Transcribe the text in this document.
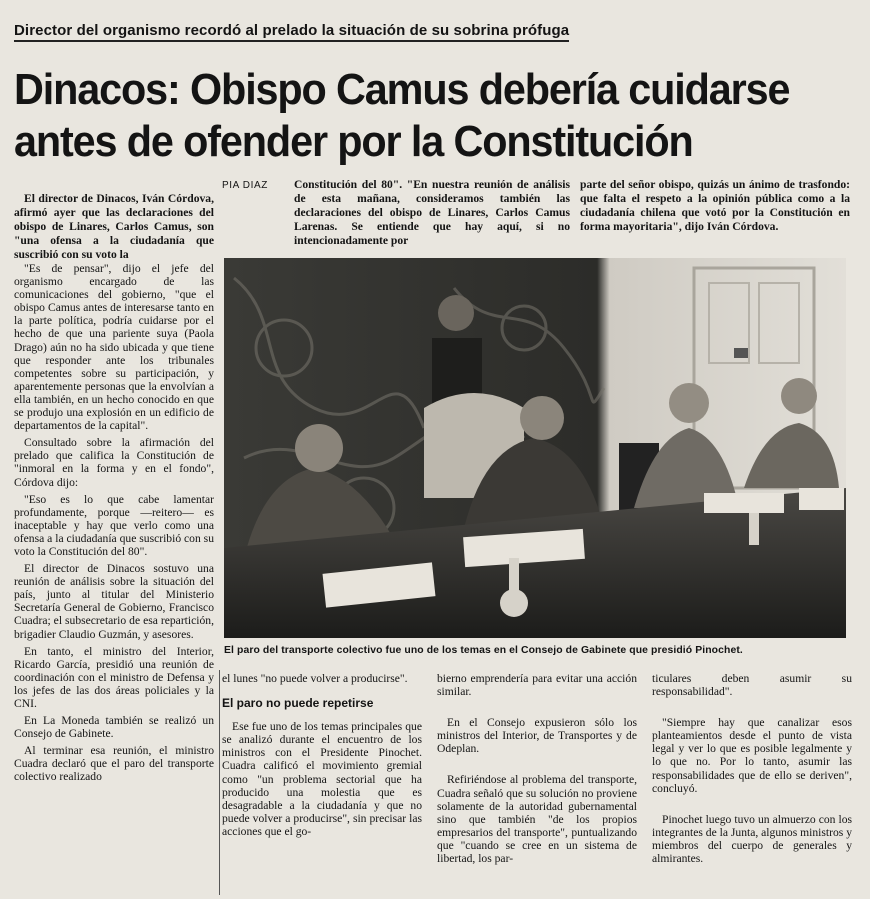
Director del organismo recordó al prelado la situación de su sobrina prófuga
Dinacos: Obispo Camus debería cuidarse
antes de ofender por la Constitución
PIA DIAZ

El director de Dinacos, Iván Córdova, afirmó ayer que las declaraciones del obispo de Linares, Carlos Camus, son "una ofensa a la ciudadanía que suscribió con su voto la

Constitución del 80". "En nuestra reunión de análisis de esta mañana, consideramos también las declaraciones del obispo de Linares, Carlos Camus Larenas. Se entiende que hay aquí, si no intencionadamente por

parte del señor obispo, quizás un ánimo de trasfondo: que falta el respeto a la opinión pública como a la ciudadanía chilena que votó por la Constitución en forma mayoritaria", dijo Iván Córdova.

"Es de pensar", dijo el jefe del organismo encargado de las comunicaciones del gobierno, "que el obispo Camus antes de interesarse tanto en la parte política, podría cuidarse por el hecho de que una pariente suya (Paola Drago) aún no ha sido ubicada y que tiene que responder ante los tribunales competentes sobre su participación, y aparentemente personas que la envolvían a ella también, en un hecho conocido en que se produjo una explosión en un edificio de departamentos de la capital".

Consultado sobre la afirmación del prelado que califica la Constitución de "inmoral en la forma y en el fondo", Córdova dijo:

"Eso es lo que cabe lamentar profundamente, porque —reitero— es inaceptable y hay que verlo como una ofensa a la ciudadanía que suscribió con su voto la Constitución del 80".

El director de Dinacos sostuvo una reunión de análisis sobre la situación del país, junto al titular del Ministerio Secretaría General de Gobierno, Francisco Cuadra; el subsecretario de esa repartición, brigadier Claudio Guzmán, y asesores.

En tanto, el ministro del Interior, Ricardo García, presidió una reunión de coordinación con el ministro de Defensa y los jefes de las dos áreas policiales y la CNI.

En La Moneda también se realizó un Consejo de Gabinete.

Al terminar esa reunión, el ministro Cuadra declaró que el paro del transporte colectivo realizado

El paro del transporte colectivo fue uno de los temas en el Consejo de Gabinete que presidió Pinochet.

el lunes "no puede volver a producirse".

El paro no puede repetirse

Ese fue uno de los temas principales que se analizó durante el encuentro de los ministros con el Presidente Pinochet. Cuadra calificó el movimiento gremial como "un problema sectorial que ha producido una molestia que es desagradable a la ciudadanía y que no puede volver a producirse", sin precisar las acciones que el go-

bierno emprendería para evitar una acción similar.

En el Consejo expusieron sólo los ministros del Interior, de Transportes y de Odeplan.

Refiriéndose al problema del transporte, Cuadra señaló que su solución no proviene solamente de la autoridad gubernamental sino que también "de los propios empresarios del transporte", puntualizando que "cuando se cree en un sistema de libertad, los par-

ticulares deben asumir su responsabilidad".

"Siempre hay que canalizar esos planteamientos desde el punto de vista legal y ver lo que es posible legalmente y lo que no. Por lo tanto, asumir las responsabilidades que de ello se deriven", concluyó.

Pinochet luego tuvo un almuerzo con los integrantes de la Junta, algunos ministros y miembros del cuerpo de generales y almirantes.
